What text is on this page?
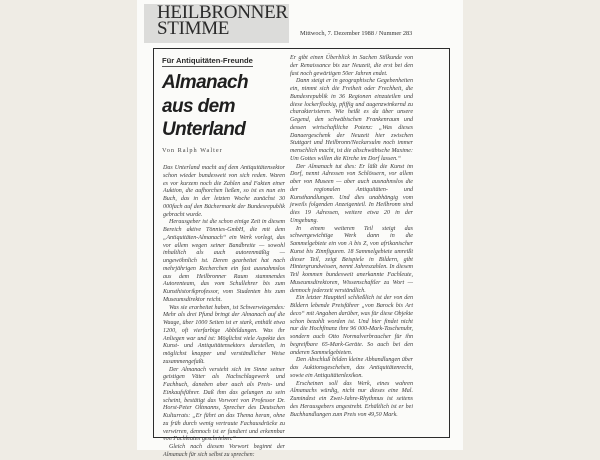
HEILBRONNER
STIMME	Mittwoch, 7. Dezember 1988 / Nummer 283
Für Antiquitäten-Freunde
Almanach
aus dem
Unterland
Von Ralph Walter

Das Unterland macht auf dem Antiquitätensektor schon wieder bundesweit von sich reden. Waren es vor kurzem noch die Zahlen und Fakten einer Auktion, die aufhorchen ließen, so ist es nun ein Buch, das in der letzten Woche zunächst 30 000fach auf den Büchermarkt der Bundesrepublik gebracht wurde.

Herausgeber ist die schon einige Zeit in diesem Bereich aktive Tönnies-GmbH, die mit dem „Antiquitäten-Almanach“ ein Werk vorlegt, das vor allem wegen seiner Bandbreite — sowohl inhaltlich als auch autorenmäßig — ungewöhnlich ist. Deren gearbeitet hat nach mehrjährigen Recherchen ein fast ausnahmslos aus dem Heilbronner Raum stammendes Autorenteam, das vom Schullehrer bis zum Kunsthistorikprofessor, vom Studenten bis zum Museumsdirektor reicht.

Was sie erarbeitet haben, ist Schwerwiegendes: Mehr als drei Pfund bringt der Almanach auf die Waage, über 1000 Seiten ist er stark, enthält etwa 1200, oft vierfarbige Abbildungen. Was ihr Anliegen war und ist: Möglichst viele Aspekte des Kunst- und Antiquitätensektors darstellen, in möglichst knapper und verständlicher Weise zusammengefaßt.

Der Almanach versteht sich im Sinne seiner geistigen Väter als Nachschlagewerk und Fachbuch, daneben aber auch als Preis- und Einkaufsführer. Daß ihm das gelungen zu sein scheint, bestätigt das Vorwort von Professor Dr. Horst-Peter Oltmanns, Sprecher des Deutschen Kulturrats: „Er führt an das Thema heran, ohne zu früh durch wenig vertraute Fachausdrücke zu verwirren, dennoch ist er fundiert und erkennbar von Fachleuten geschrieben.“

Gleich nach diesem Vorwort beginnt der Almanach für sich selbst zu sprechen:

Er gibt einen Überblick in Sachen Stilkunde von der Renaissance bis zur Neuzeit, die erst bei den fast noch gewärtigen 50er Jahren endet.

Dann steigt er in geographische Gegebenheiten ein, nimmt sich die Freiheit oder Frechheit, die Bundesrepublik in 36 Regionen einzuteilen und diese lockerflockig, pfiffig und augenzwinkernd zu charakterisieren. Wie heißt es da über unsere Gegend, den schwäbischen Frankenraum und dessen wirtschaftliche Potenz: „Was dieses Danaergeschenk der Neuzeit hier zwischen Stuttgart und Heilbronn/Neckarsulm noch immer menschlich macht, ist die altschwäbische Maxime: Um Gottes willen die Kirche im Dorf lassen.“

Der Almanach tut dies: Er läßt die Kunst im Dorf, nennt Adressen von Schlössern, vor allem aber von Museen — aber auch ausnahmslos die der regionalen Antiquitäten- und Kunsthandlungen. Und dies unabhängig vom jeweils folgenden Anzeigenteil. In Heilbronn sind dies 19 Adressen, weitere etwa 20 in der Umgebung.

In einem weiteren Teil steigt das schwergewichtige Werk dann in die Sammelgebiete ein von A bis Z, von afrikanischer Kunst bis Zinnfiguren. 18 Sammelgebiete umreißt dieser Teil, zeigt Beispiele in Bildern, gibt Hintergrundwissen, nennt Jahreszahlen. In diesem Teil kommen bundesweit anerkannte Fachleute, Museumsdirektoren, Wissenschaftler zu Wort — dennoch jederzeit verständlich.

Ein letzter Hauptteil schließlich ist der von den Bildern lebende Preisführer „von Barock bis Art deco“ mit Angaben darüber, was für diese Objekte schon bezahlt worden ist. Und hier findet nicht nur die Hochfinanz ihre 96 000-Mark-Taschenuhr, sondern auch Otto Normalverbraucher für ihn begreifbare 65-Mark-Geräte. So auch bei den anderen Sammelgebieten.

Den Abschluß bilden kleine Abhandlungen über das Auktionsgeschehen, das Antiquitätenrecht, sowie ein Antiquitätenlexikon.

Erscheinen soll das Werk, eines wahren Almanachs würdig, nicht nur dieses eine Mal. Zumindest ein Zwei-Jahre-Rhythmus ist seitens des Herausgebers angestrebt. Erhältlich ist er bei Buchhandlungen zum Preis von 49,50 Mark.
